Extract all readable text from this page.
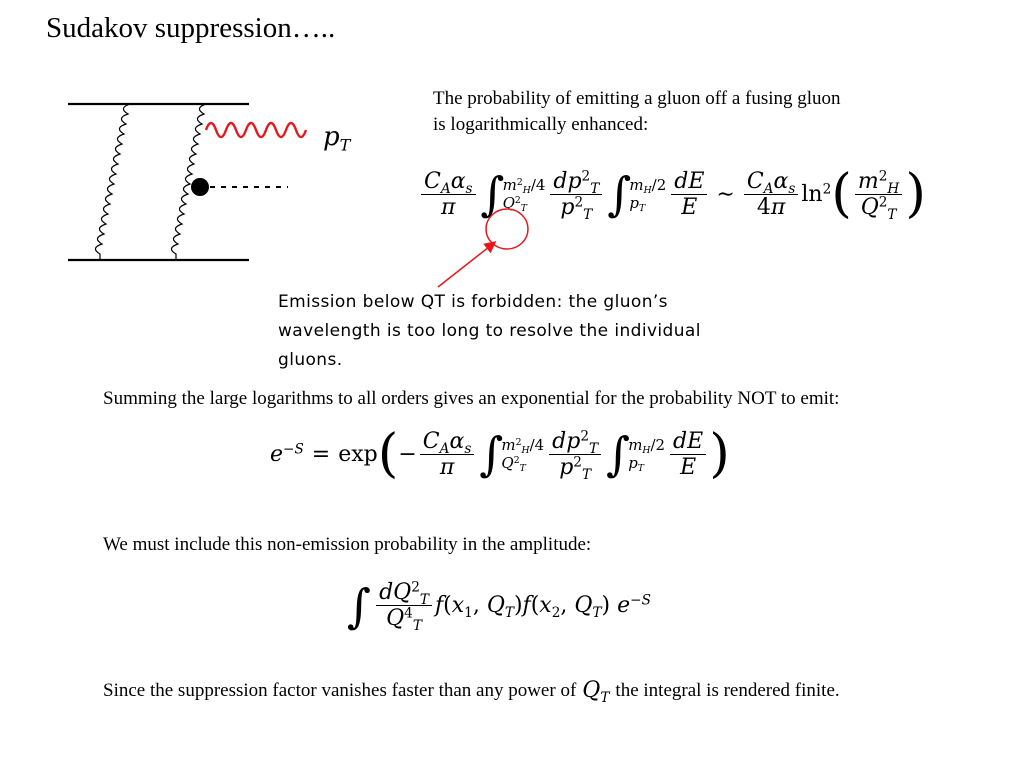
Sudakov suppression…..
$p_T$
The probability of emitting a gluon off a fusing gluon
is logarithmically enhanced:
$\frac{C_A\alpha_s}{\pi}$ ∫
$m^2_H/4$
$Q^2_T$	$\frac{dp^2_T}{p^2_T}$ ∫
$m_H/2$
$p_T$	$\frac{dE}{E}$ ∼ $\frac{C_A\alpha_s}{4\pi} \ln^2$ ( $\frac{m^2_H}{Q^2_T}$ )
Emission below QT is forbidden: the gluon’s
wavelength is too long to resolve the individual
gluons.
Summing the large logarithms to all orders gives an exponential for the probability NOT to emit:
$e^{-S} = \exp$ ( − $\frac{C_A\alpha_s}{\pi}$ ∫
$m^2_H/4$
$Q^2_T$	$\frac{dp^2_T}{p^2_T}$ ∫
$m_H/2$
$p_T$	$\frac{dE}{E}$ )
We must include this non-emission probability in the amplitude:
∫ $\frac{dQ^2_T}{Q^4_T} f(x_1$, $Q_T)f(x_2$, $Q_T$) $e^{-S}$
Since the suppression factor vanishes faster than any power of $Q_T$ the integral is rendered finite.
